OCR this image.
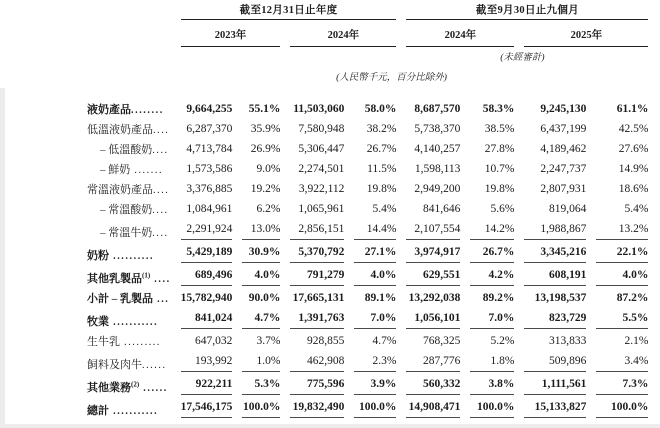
	截至12月31日止年度				截至9月30日止九個月			

	2023年		2024年		2024年		2025年	

					(未經審計)			
	(人民幣千元，百分比除外)							

液奶產品........	9,664,255	55.1%	11,503,060	58.0%	8,687,570	58.3%	9,245,130	61.1%

低溫液奶產品....	6,287,370	35.9%	7,580,948	38.2%	5,738,370	38.5%	6,437,199	42.5%

– 低溫酸奶....	4,713,784	26.9%	5,306,447	26.7%	4,140,257	27.8%	4,189,462	27.6%

– 鮮奶 .......	1,573,586	9.0%	2,274,501	11.5%	1,598,113	10.7%	2,247,737	14.9%

常溫液奶產品....	3,376,885	19.2%	3,922,112	19.8%	2,949,200	19.8%	2,807,931	18.6%

– 常溫酸奶....	1,084,961	6.2%	1,065,961	5.4%	841,646	5.6%	819,064	5.4%

– 常溫牛奶....	2,291,924	13.0%	2,856,151	14.4%	2,107,554	14.2%	1,988,867	13.2%

奶粉 ..........	5,429,189	30.9%	5,370,792	27.1%	3,974,917	26.7%	3,345,216	22.1%

其他乳製品$^{(1)}$ ....	689,496	4.0%	791,279	4.0%	629,551	4.2%	608,191	4.0%

小計 – 乳製品 ...	15,782,940	90.0%	17,665,131	89.1%	13,292,038	89.2%	13,198,537	87.2%

牧業 ...........	841,024	4.7%	1,391,763	7.0%	1,056,101	7.0%	823,729	5.5%

生牛乳 .........	647,032	3.7%	928,855	4.7%	768,325	5.2%	313,833	2.1%

飼料及肉牛......	193,992	1.0%	462,908	2.3%	287,776	1.8%	509,896	3.4%

其他業務$^{(2)}$ ......	922,211	5.3%	775,596	3.9%	560,332	3.8%	1,111,561	7.3%

總計 ...........	17,546,175	100.0%	19,832,490	100.0%	14,908,471	100.0%	15,133,827	100.0%
